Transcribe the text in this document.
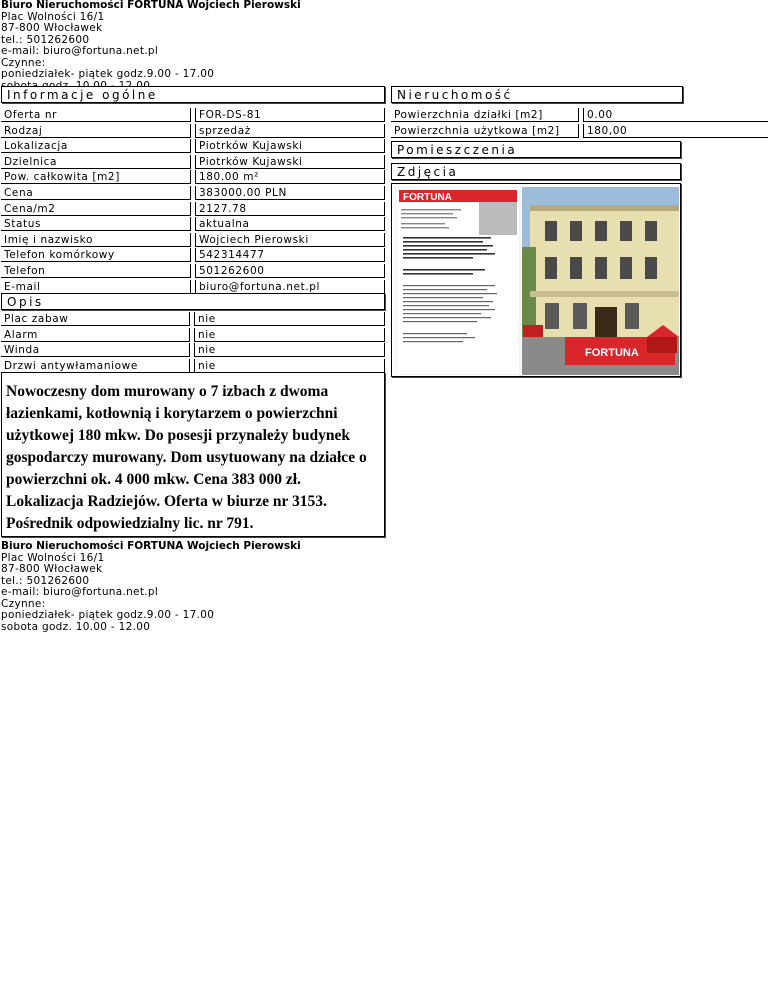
Biuro Nieruchomości FORTUNA Wojciech Pierowski
Plac Wolności 16/1
87-800 Włocławek
tel.: 501262600
e-mail: biuro@fortuna.net.pl
Czynne:
poniedziałek- piątek godz.9.00 - 17.00
Informacje ogólne
Oferta nr	FOR-DS-81
Rodzaj	sprzedaż
Lokalizacja	Piotrków Kujawski
Dzielnica	Piotrków Kujawski
Pow. całkowita [m2]	180.00 m²
Cena	383000.00 PLN
Cena/m2	2127.78
Status	aktualna
Imię i nazwisko	Wojciech Pierowski
Telefon komórkowy	542314477
Telefon	501262600
E-mail	biuro@fortuna.net.pl
Opis
Plac zabaw	nie
Alarm	nie
Winda	nie
Drzwi antywłamaniowe	nie
Nowoczesny dom murowany o 7 izbach z dwoma łazienkami, kotłownią i korytarzem o powierzchni użytkowej 180 mkw. Do posesji przynależy budynek gospodarczy murowany. Dom usytuowany na działce o powierzchni ok. 4 000 mkw. Cena 383 000 zł. Lokalizacja Radziejów. Oferta w biurze nr 3153. Pośrednik odpowiedzialny lic. nr 791.
Nieruchomość
Powierzchnia działki [m2]	0.00
Powierzchnia użytkowa [m2]	180,00
Pomieszczenia
Zdjęcia
FORTUNA
FORTUNA
Biuro Nieruchomości FORTUNA Wojciech Pierowski
Plac Wolności 16/1
87-800 Włocławek
tel.: 501262600
e-mail: biuro@fortuna.net.pl
Czynne:
poniedziałek- piątek godz.9.00 - 17.00
sobota godz. 10.00 - 12.00
